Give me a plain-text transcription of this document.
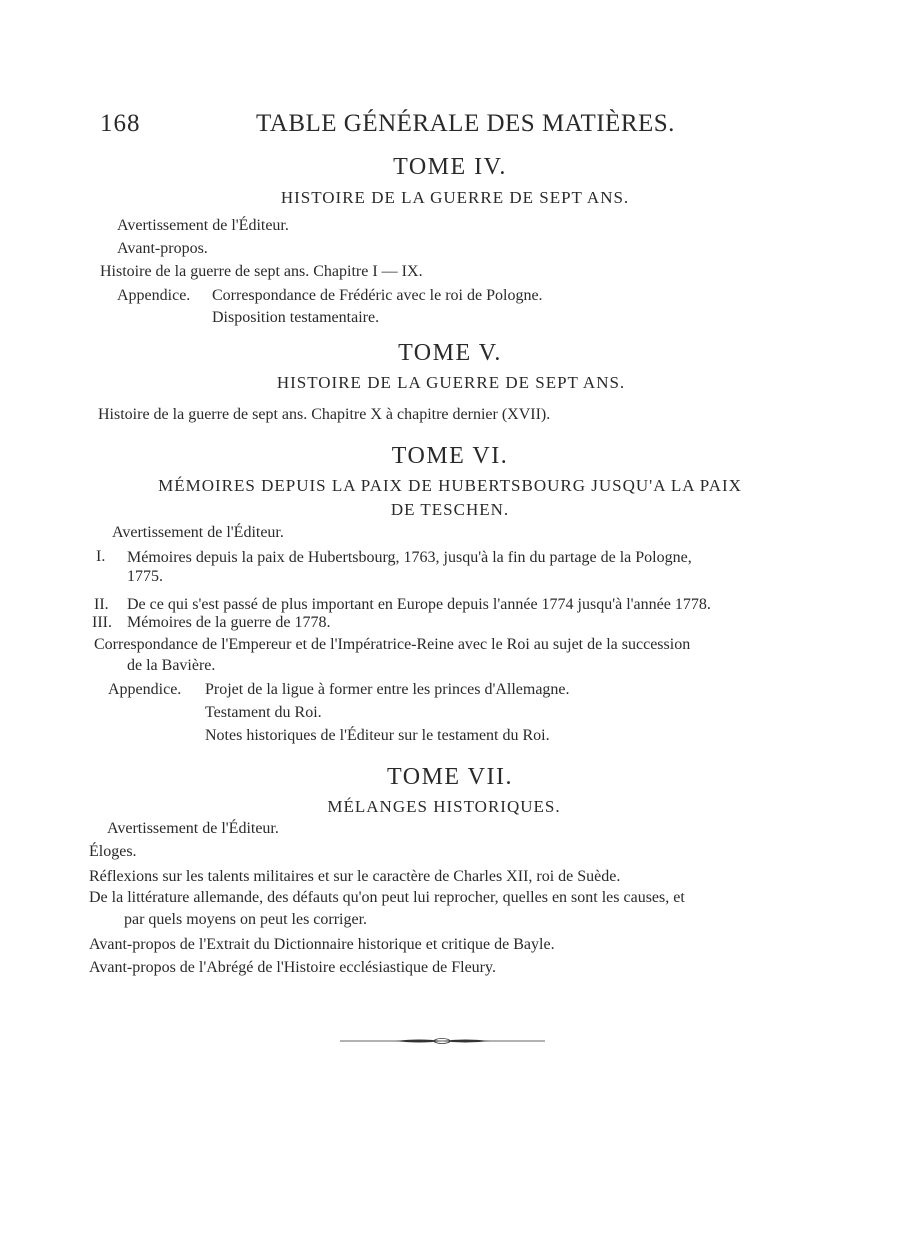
168	TABLE GÉNÉRALE DES MATIÈRES.
TOME IV.
HISTOIRE DE LA GUERRE DE SEPT ANS.
Avertissement de l'Éditeur.
Avant-propos.
Histoire de la guerre de sept ans. Chapitre I — IX.
Appendice. Correspondance de Frédéric avec le roi de Pologne.
Disposition testamentaire.
TOME V.
HISTOIRE DE LA GUERRE DE SEPT ANS.
Histoire de la guerre de sept ans. Chapitre X à chapitre dernier (XVII).
TOME VI.
MÉMOIRES DEPUIS LA PAIX DE HUBERTSBOURG JUSQU'A LA PAIX
DE TESCHEN.
Avertissement de l'Éditeur.
I. Mémoires depuis la paix de Hubertsbourg, 1763, jusqu'à la fin du partage de la Pologne,
1775.
II. De ce qui s'est passé de plus important en Europe depuis l'année 1774 jusqu'à l'année 1778.
III. Mémoires de la guerre de 1778.
Correspondance de l'Empereur et de l'Impératrice-Reine avec le Roi au sujet de la succession
de la Bavière.
Appendice. Projet de la ligue à former entre les princes d'Allemagne.
Testament du Roi.
Notes historiques de l'Éditeur sur le testament du Roi.
TOME VII.
MÉLANGES HISTORIQUES.
Avertissement de l'Éditeur.
Éloges.
Réflexions sur les talents militaires et sur le caractère de Charles XII, roi de Suède.
De la littérature allemande, des défauts qu'on peut lui reprocher, quelles en sont les causes, et
par quels moyens on peut les corriger.
Avant-propos de l'Extrait du Dictionnaire historique et critique de Bayle.
Avant-propos de l'Abrégé de l'Histoire ecclésiastique de Fleury.
